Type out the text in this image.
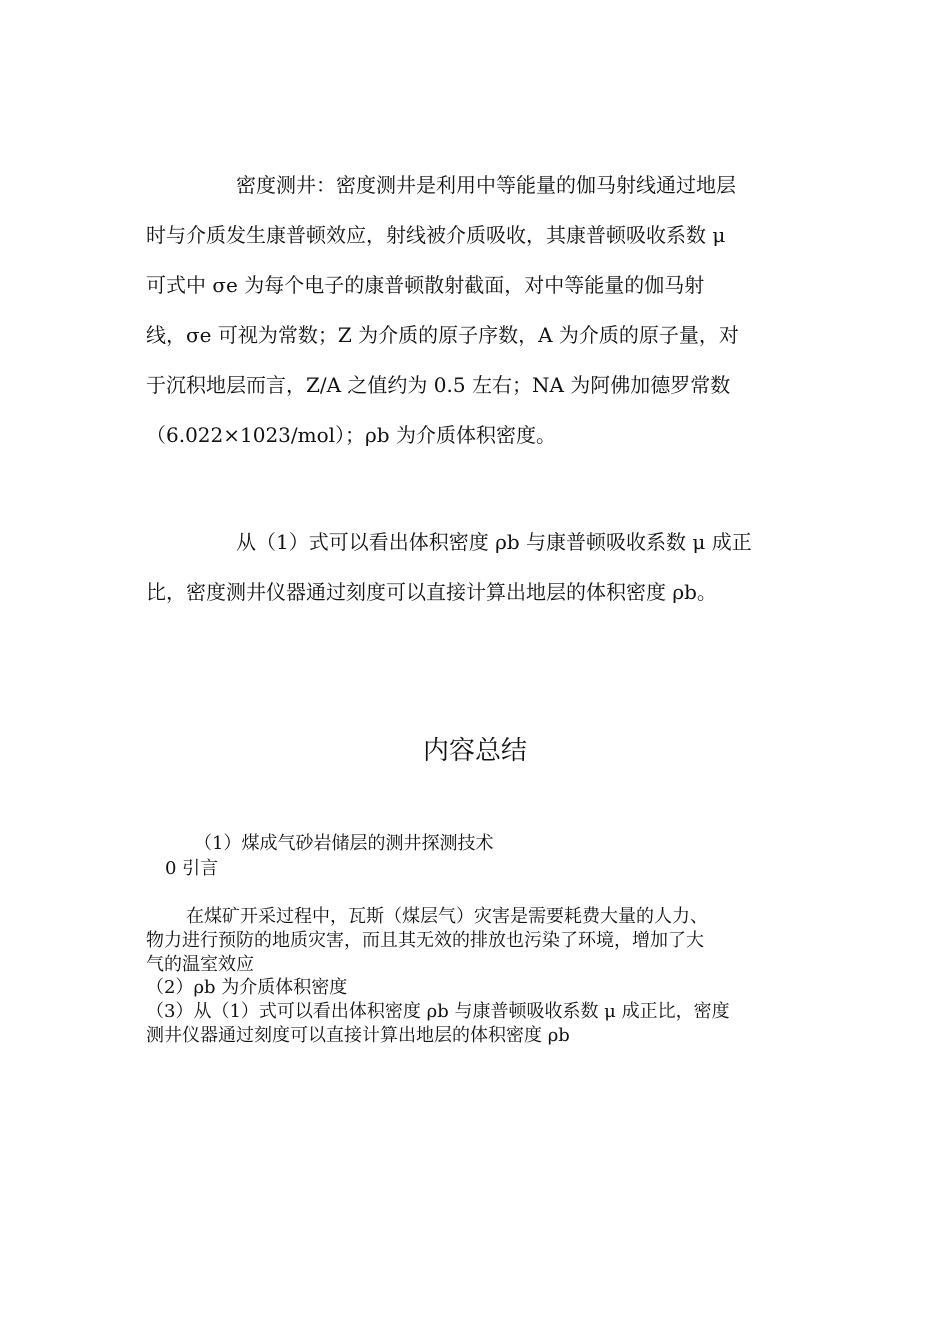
密度测井：密度测井是利用中等能量的伽马射线通过地层
时与介质发生康普顿效应，射线被介质吸收，其康普顿吸收系数 μ
可式中 σe 为每个电子的康普顿散射截面，对中等能量的伽马射
线，σe 可视为常数；Z 为介质的原子序数，A 为介质的原子量，对
于沉积地层而言，Z/A 之值约为 0.5 左右；NA 为阿佛加德罗常数
（6.022×1023/mol）；ρb 为介质体积密度。
从（1）式可以看出体积密度 ρb 与康普顿吸收系数 μ 成正
比，密度测井仪器通过刻度可以直接计算出地层的体积密度 ρb。
内容总结
（1）煤成气砂岩储层的测井探测技术
0 引言
在煤矿开采过程中，瓦斯（煤层气）灾害是需要耗费大量的人力、
物力进行预防的地质灾害，而且其无效的排放也污染了环境，增加了大
气的温室效应
（2）ρb 为介质体积密度
（3）从（1）式可以看出体积密度 ρb 与康普顿吸收系数 μ 成正比，密度
测井仪器通过刻度可以直接计算出地层的体积密度 ρb
